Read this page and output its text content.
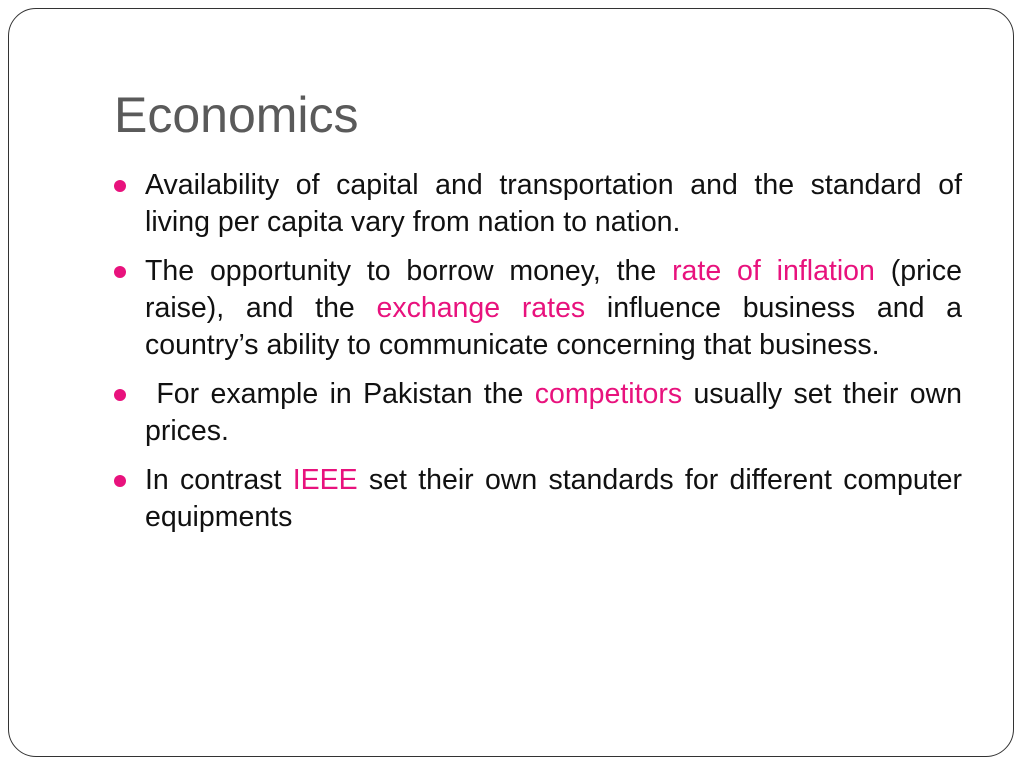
Economics
Availability of capital and transportation and the standard of living per capita vary from nation to nation.
The opportunity to borrow money, the rate of inflation (price raise), and the exchange rates influence business and a country’s ability to communicate concerning that business.
For example in Pakistan the competitors usually set their own prices.
In contrast IEEE set their own standards for different computer equipments
